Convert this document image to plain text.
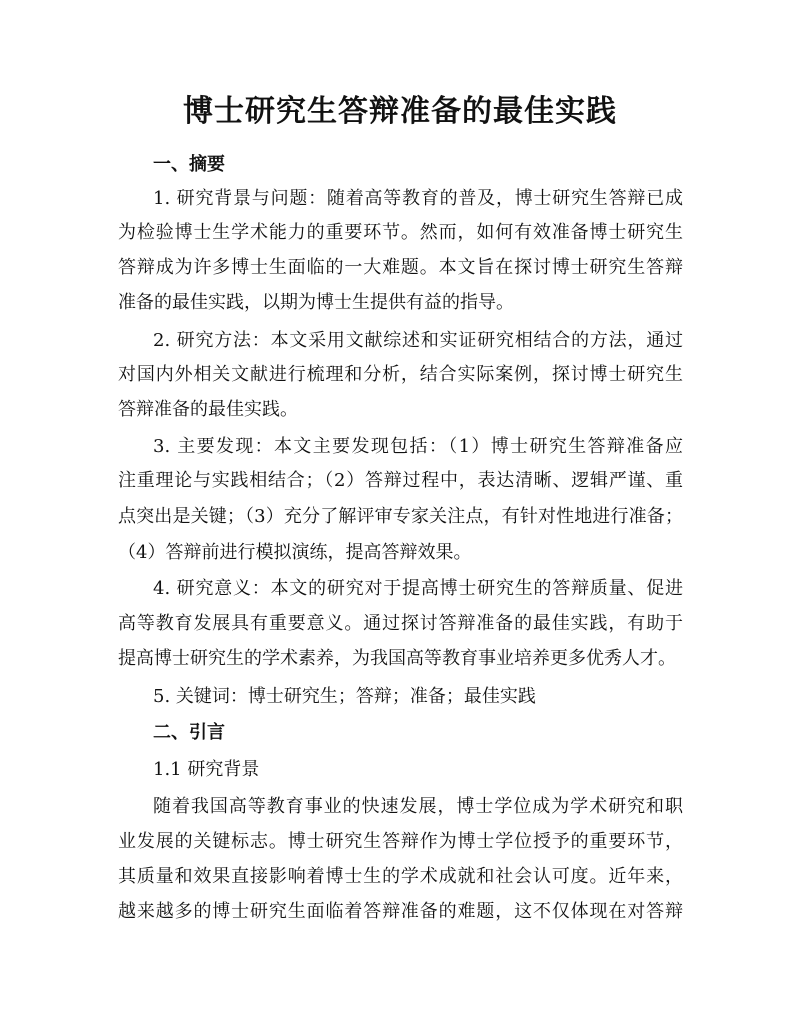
博士研究生答辩准备的最佳实践
一、摘要
1. 研究背景与问题：随着高等教育的普及，博士研究生答辩已成
为检验博士生学术能力的重要环节。然而，如何有效准备博士研究生
答辩成为许多博士生面临的一大难题。本文旨在探讨博士研究生答辩
准备的最佳实践，以期为博士生提供有益的指导。
2. 研究方法：本文采用文献综述和实证研究相结合的方法，通过
对国内外相关文献进行梳理和分析，结合实际案例，探讨博士研究生
答辩准备的最佳实践。
3. 主要发现：本文主要发现包括：（1）博士研究生答辩准备应
注重理论与实践相结合；（2）答辩过程中，表达清晰、逻辑严谨、重
点突出是关键；（3）充分了解评审专家关注点，有针对性地进行准备；
（4）答辩前进行模拟演练，提高答辩效果。
4. 研究意义：本文的研究对于提高博士研究生的答辩质量、促进
高等教育发展具有重要意义。通过探讨答辩准备的最佳实践，有助于
提高博士研究生的学术素养，为我国高等教育事业培养更多优秀人才。
5. 关键词：博士研究生；答辩；准备；最佳实践
二、引言
1.1 研究背景
随着我国高等教育事业的快速发展，博士学位成为学术研究和职
业发展的关键标志。博士研究生答辩作为博士学位授予的重要环节，
其质量和效果直接影响着博士生的学术成就和社会认可度。近年来，
越来越多的博士研究生面临着答辩准备的难题，这不仅体现在对答辩
